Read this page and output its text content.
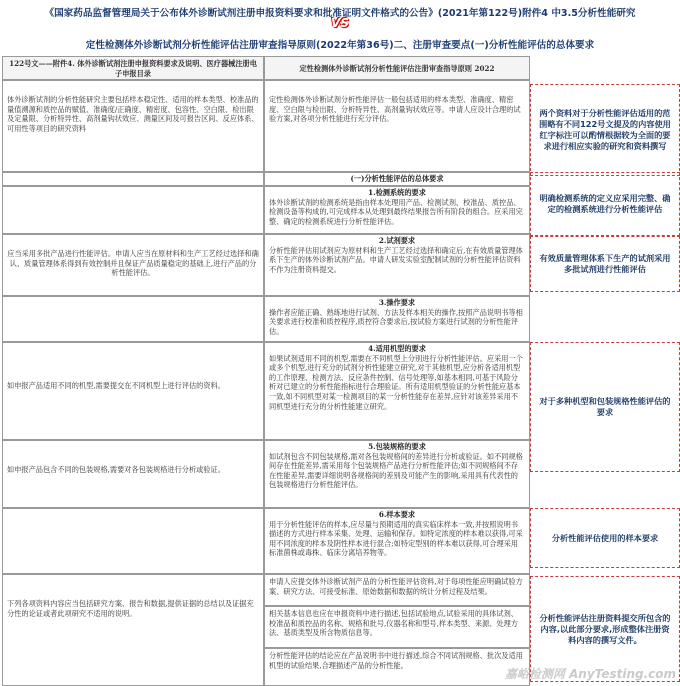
《国家药品监督管理局关于公布体外诊断试剂注册申报资料要求和批准证明文件格式的公告》(2021年第122号)附件4 中3.5分析性能研究
VS
定性检测体外诊断试剂分析性能评估注册审查指导原则(2022年第36号)二、注册审查要点(一)分析性能评估的总体要求
122号文——附件4. 体外诊断试剂注册申报资料要求及说明、医疗器械注册电子申报目录
定性检测体外诊断试剂分析性能评估注册审查指导原则 2022
体外诊断试剂的分析性能研究主要包括样本稳定性、适用的样本类型、校准品的量值溯源和质控品的赋值、准确度/正确度、精密度、包容性、空白限、检出限及定量限、分析特异性、高剂量钩状效应、测量区间及可报告区间、反应体系、可用性等项目的研究资料
定性检测体外诊断试剂分析性能评估一般包括适用的样本类型、准确度、精密度、空白限与检出限、分析特异性、高剂量钩状效应等。申请人应设计合理的试验方案,对各项分析性能进行充分评估。
(一)分析性能评估的总体要求
1.检测系统的要求
体外诊断试剂的检测系统是指由样本处理用产品、检测试剂、校准品、质控品、检测设备等构成的,可完成样本从处理到最终结果报告所有阶段的组合。应采用完整、确定的检测系统进行分析性能评估。
应当采用多批产品进行性能评估。申请人应当在原材料和生产工艺经过选择和确认、质量管理体系得到有效控制并且保证产品质量稳定的基础上,进行产品的分析性能评估。
2.试剂要求
分析性能评估用试剂应为原材料和生产工艺经过选择和确定后,在有效质量管理体系下生产的体外诊断试剂产品。申请人研发实验室配制试剂的分析性能评估资料不作为注册资料提交。
3.操作要求
操作者应能正确、熟练地进行试剂、方法及样本相关的操作,按照产品说明书等相关要求进行校准和质控程序,质控符合要求后,按试验方案进行试剂的分析性能评估。
如申报产品适用不同的机型,需要提交在不同机型上进行评估的资料。
4.适用机型的要求
如果试剂适用不同的机型,需要在不同机型上分别进行分析性能评估。应采用一个或多个机型,进行充分的试剂分析性能建立研究,对于其他机型,应分析各适用机型的工作原理、检测方法、反应条件控制、信号处理等,如基本相同,可基于风险分析对已建立的分析性能指标进行合理验证。所有适用机型验证的分析性能应基本一致,如不同机型对某一检测项目的某一分析性能存在差异,应针对该差异采用不同机型进行充分的分析性能建立研究。
如申报产品包含不同的包装规格,需要对各包装规格进行分析或验证。
5.包装规格的要求
如试剂包含不同包装规格,需对各包装规格间的差异进行分析或验证。如不同规格间存在性能差异,需采用每个包装规格产品进行分析性能评估;如不同规格间不存在性能差异,需要详细说明各规格间的差别及可能产生的影响,采用具有代表性的包装规格进行分析性能评估。
6.样本要求
用于分析性能评估的样本,应尽量与预期适用的真实临床样本一致,并按照说明书描述的方式进行样本采集、处理、运输和保存。如特定浓度的样本难以获得,可采用不同浓度的样本及阴性样本进行混合;如特定型别的样本难以获得,可合理采用标准菌株或毒株、临床分离培养物等。
下列各项资料内容应当包括研究方案、报告和数据,提供证据的总结以及证据充分性的论证或者此项研究不适用的说明。
申请人应提交体外诊断试剂产品的分析性能评估资料,对于每项性能应明确试验方案、研究方法、可接受标准、原始数据和数据的统计分析过程及结果。
相关基本信息也应在申报资料中进行描述,包括试验地点,试验采用的具体试剂、校准品和质控品的名称、规格和批号,仪器名称和型号,样本类型、来源、处理方法、基质类型及所含物质信息等。
分析性能评估的结论应在产品说明书中进行描述,综合不同试剂规格、批次及适用机型的试验结果,合理描述产品的分析性能。
两个资料对于分析性能评估适用的范围略有不同122号文提及的内容使用红字标注可以酌情根据较为全面的要求进行相应实验的研究和资料撰写
明确检测系统的定义应采用完整、确定的检测系统进行分析性能评估
有效质量管理体系下生产的试剂采用多批试剂进行性能评估
对于多种机型和包装规格性能评估的要求
分析性能评估使用的样本要求
分析性能评估注册资料提交所包含的内容,以此部分要求,形成整体注册资料内容的撰写文件。
嘉峪检测网 AnyTesting.com
